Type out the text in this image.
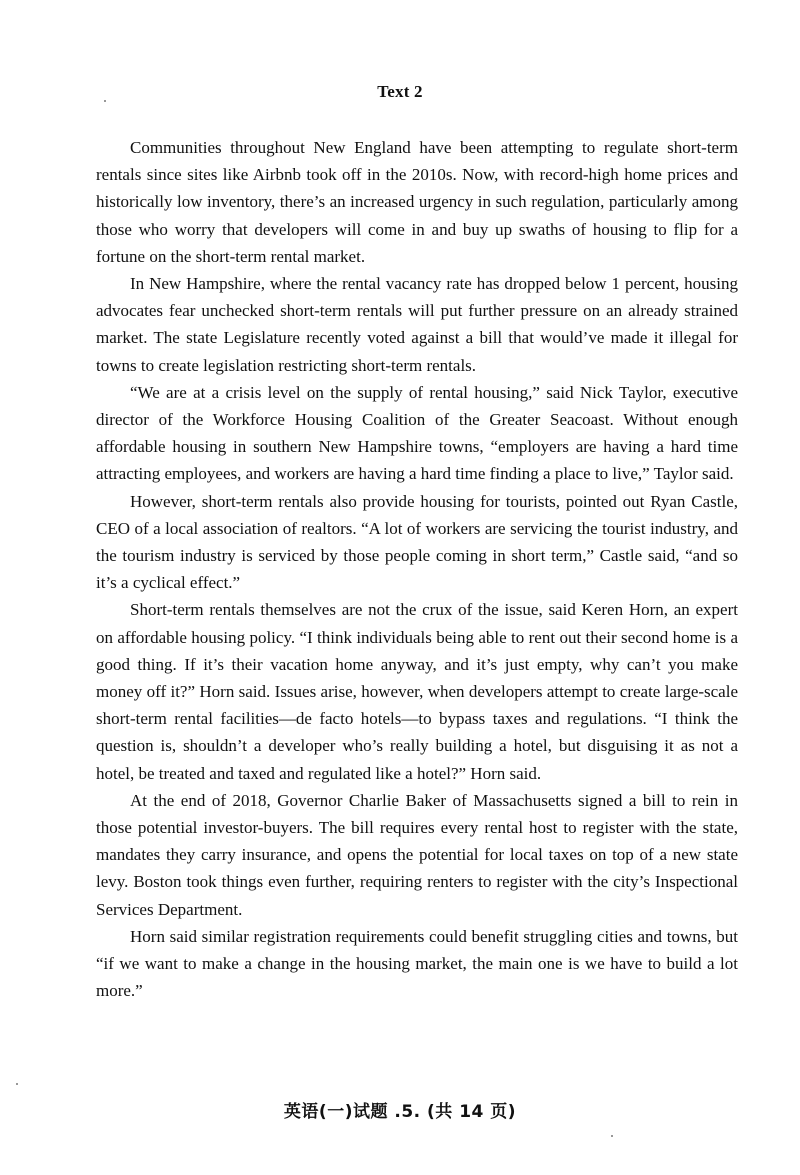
Text 2

Communities throughout New England have been attempting to regulate short-term rentals since sites like Airbnb took off in the 2010s. Now, with record-high home prices and historically low inventory, there’s an increased urgency in such regulation, particularly among those who worry that developers will come in and buy up swaths of housing to flip for a fortune on the short-term rental market.

In New Hampshire, where the rental vacancy rate has dropped below 1 percent, housing advocates fear unchecked short-term rentals will put further pressure on an already strained market. The state Legislature recently voted against a bill that would’ve made it illegal for towns to create legislation restricting short-term rentals.

“We are at a crisis level on the supply of rental housing,” said Nick Taylor, executive director of the Workforce Housing Coalition of the Greater Seacoast. Without enough affordable housing in southern New Hampshire towns, “employers are having a hard time attracting employees, and workers are having a hard time finding a place to live,” Taylor said.

However, short-term rentals also provide housing for tourists, pointed out Ryan Castle, CEO of a local association of realtors. “A lot of workers are servicing the tourist industry, and the tourism industry is serviced by those people coming in short term,” Castle said, “and so it’s a cyclical effect.”

Short-term rentals themselves are not the crux of the issue, said Keren Horn, an expert on affordable housing policy. “I think individuals being able to rent out their second home is a good thing. If it’s their vacation home anyway, and it’s just empty, why can’t you make money off it?” Horn said. Issues arise, however, when developers attempt to create large-scale short-term rental facilities—de facto hotels—to bypass taxes and regulations. “I think the question is, shouldn’t a developer who’s really building a hotel, but disguising it as not a hotel, be treated and taxed and regulated like a hotel?” Horn said.

At the end of 2018, Governor Charlie Baker of Massachusetts signed a bill to rein in those potential investor-buyers. The bill requires every rental host to register with the state, mandates they carry insurance, and opens the potential for local taxes on top of a new state levy. Boston took things even further, requiring renters to register with the city’s Inspectional Services Department.

Horn said similar registration requirements could benefit struggling cities and towns, but “if we want to make a change in the housing market, the main one is we have to build a lot more.”

英语(一)试题 .5. (共 14 页)
